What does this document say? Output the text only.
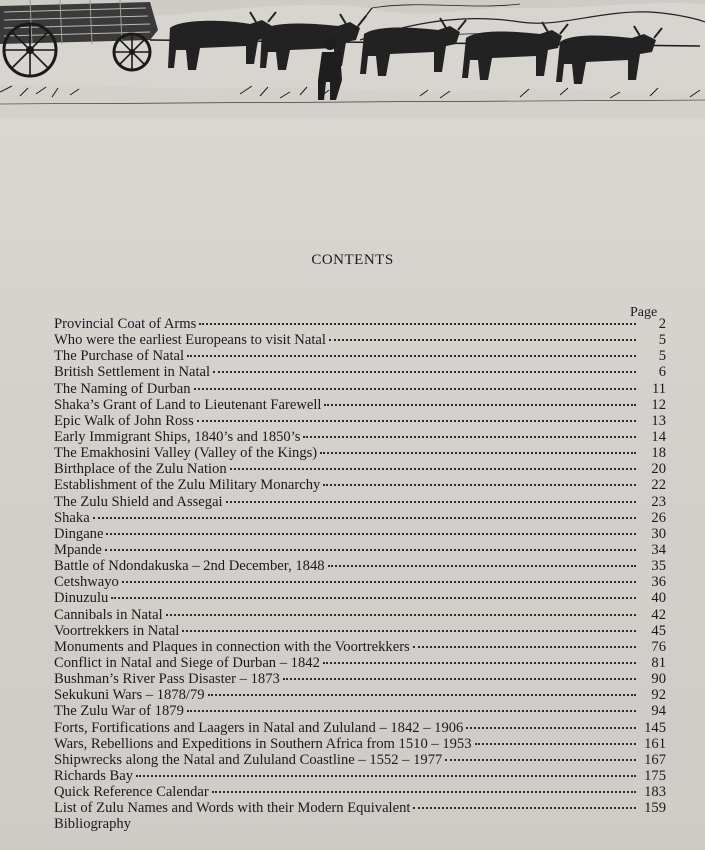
CONTENTS
Page
Provincial Coat of Arms	2
Who were the earliest Europeans to visit Natal	5
The Purchase of Natal	5
British Settlement in Natal	6
The Naming of Durban	11
Shaka’s Grant of Land to Lieutenant Farewell	12
Epic Walk of John Ross	13
Early Immigrant Ships, 1840’s and 1850’s	14
The Emakhosini Valley (Valley of the Kings)	18
Birthplace of the Zulu Nation	20
Establishment of the Zulu Military Monarchy	22
The Zulu Shield and Assegai	23
Shaka	26
Dingane	30
Mpande	34
Battle of Ndondakuska – 2nd December, 1848	35
Cetshwayo	36
Dinuzulu	40
Cannibals in Natal	42
Voortrekkers in Natal	45
Monuments and Plaques in connection with the Voortrekkers	76
Conflict in Natal and Siege of Durban – 1842	81
Bushman’s River Pass Disaster – 1873	90
Sekukuni Wars – 1878/79	92
The Zulu War of 1879	94
Forts, Fortifications and Laagers in Natal and Zululand – 1842 – 1906	145
Wars, Rebellions and Expeditions in Southern Africa from 1510 – 1953	161
Shipwrecks along the Natal and Zululand Coastline – 1552 – 1977	167
Richards Bay	175
Quick Reference Calendar	183
List of Zulu Names and Words with their Modern Equivalent	159
Bibliography
